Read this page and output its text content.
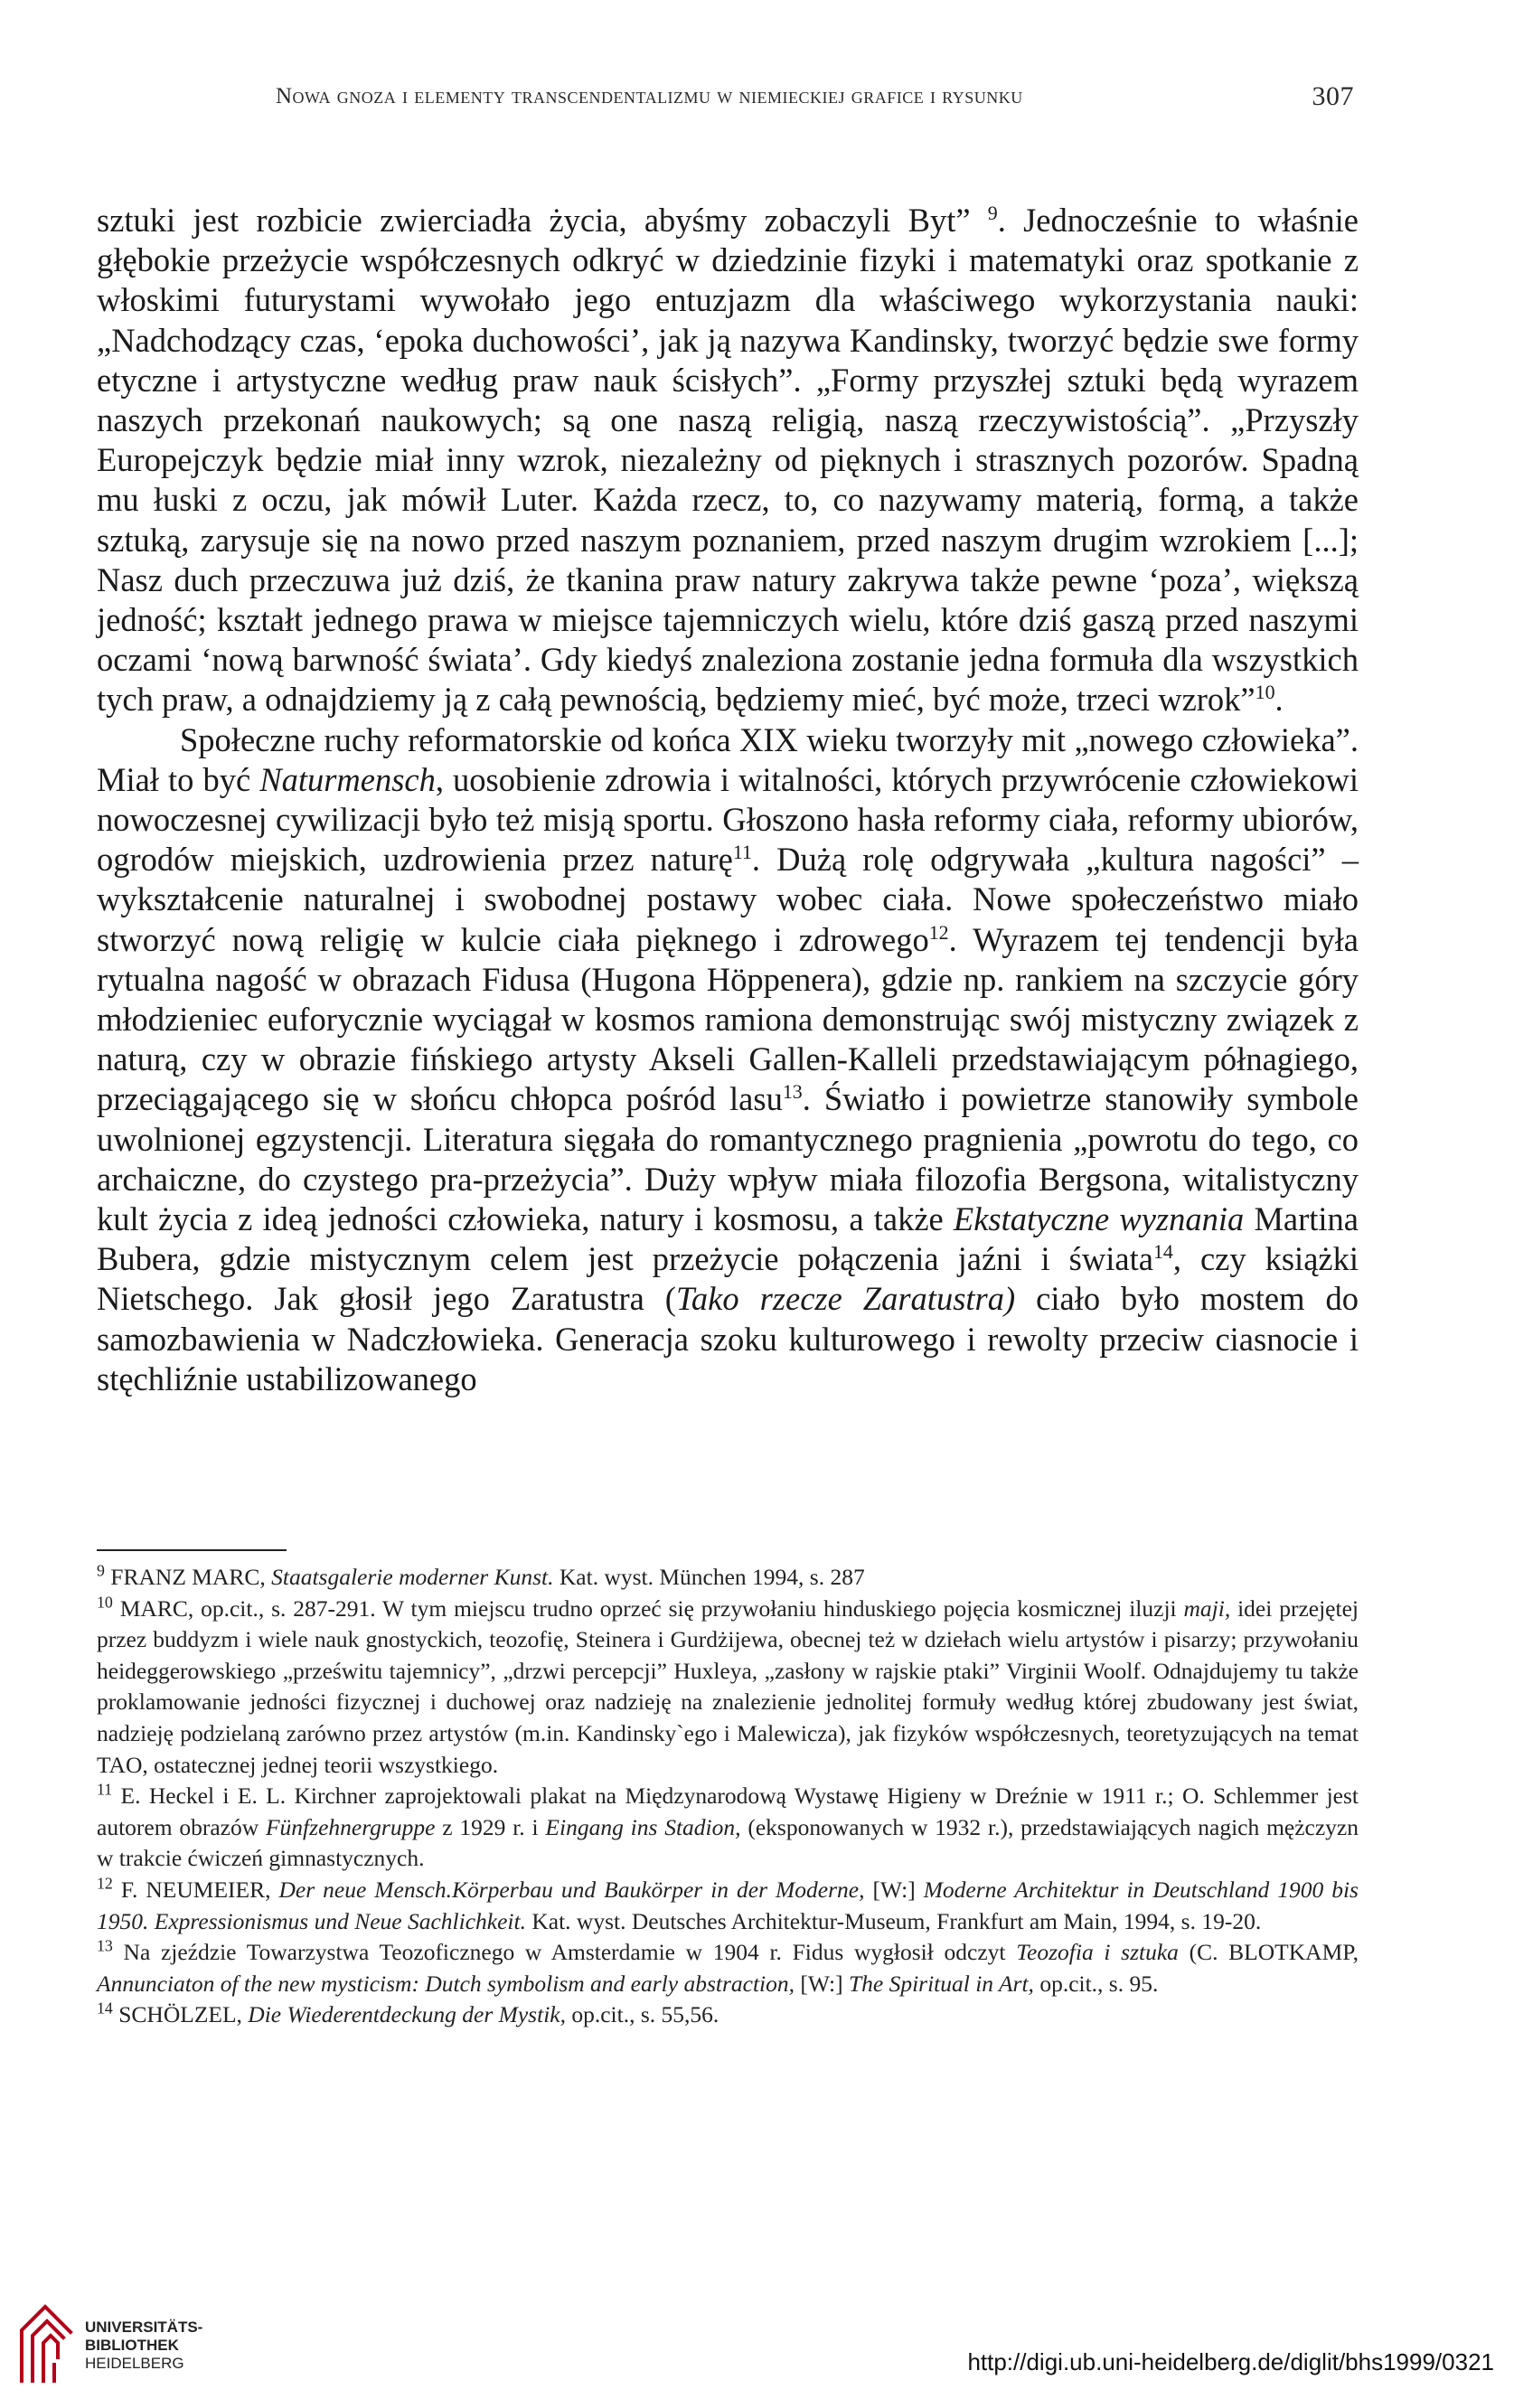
Nowa gnoza i elementy transcendentalizmu w niemieckiej grafice i rysunku	307

sztuki jest rozbicie zwierciadła życia, abyśmy zobaczyli Byt” $^9$. Jednocześnie to właśnie głębokie przeżycie współczesnych odkryć w dziedzinie fizyki i matematyki oraz spotkanie z włoskimi futurystami wywołało jego entuzjazm dla właściwego wykorzystania nauki: „Nadchodzący czas, ‘epoka duchowości’, jak ją nazywa Kandinsky, tworzyć będzie swe formy etyczne i artystyczne według praw nauk ścisłych”. „Formy przyszłej sztuki będą wyrazem naszych przekonań naukowych; są one naszą religią, naszą rzeczywistością”. „Przyszły Europejczyk będzie miał inny wzrok, niezależny od pięknych i strasznych pozorów. Spadną mu łuski z oczu, jak mówił Luter. Każda rzecz, to, co nazywamy materią, formą, a także sztuką, zarysuje się na nowo przed naszym poznaniem, przed naszym drugim wzrokiem [...]; Nasz duch przeczuwa już dziś, że tkanina praw natury zakrywa także pewne ‘poza’, większą jedność; kształt jednego prawa w miejsce tajemniczych wielu, które dziś gaszą przed naszymi oczami ‘nową barwność świata’. Gdy kiedyś znaleziona zostanie jedna formuła dla wszystkich tych praw, a odnajdziemy ją z całą pewnością, będziemy mieć, być może, trzeci wzrok”$^{10}$.

Społeczne ruchy reformatorskie od końca XIX wieku tworzyły mit „nowego człowieka”. Miał to być Naturmensch, uosobienie zdrowia i witalności, których przywrócenie człowiekowi nowoczesnej cywilizacji było też misją sportu. Głoszono hasła reformy ciała, reformy ubiorów, ogrodów miejskich, uzdrowienia przez naturę$^{11}$. Dużą rolę odgrywała „kultura nagości” – wykształcenie naturalnej i swobodnej postawy wobec ciała. Nowe społeczeństwo miało stworzyć nową religię w kulcie ciała pięknego i zdrowego$^{12}$. Wyrazem tej tendencji była rytualna nagość w obrazach Fidusa (Hugona Höppenera), gdzie np. rankiem na szczycie góry młodzieniec euforycznie wyciągał w kosmos ramiona demonstrując swój mistyczny związek z naturą, czy w obrazie fińskiego artysty Akseli Gallen-Kalleli przedstawiającym półnagiego, przeciągającego się w słońcu chłopca pośród lasu$^{13}$. Światło i powietrze stanowiły symbole uwolnionej egzystencji. Literatura sięgała do romantycznego pragnienia „powrotu do tego, co archaiczne, do czystego pra-przeżycia”. Duży wpływ miała filozofia Bergsona, witalistyczny kult życia z ideą jedności człowieka, natury i kosmosu, a także Ekstatyczne wyznania Martina Bubera, gdzie mistycznym celem jest przeżycie połączenia jaźni i świata$^{14}$, czy książki Nietschego. Jak głosił jego Zaratustra (Tako rzecze Zaratustra) ciało było mostem do samozbawienia w Nadczłowieka. Generacja szoku kulturowego i rewolty przeciw ciasnocie i stęchliźnie ustabilizowanego

$^9$ FRANZ MARC, Staatsgalerie moderner Kunst. Kat. wyst. München 1994, s. 287

$^{10}$ MARC, op.cit., s. 287-291. W tym miejscu trudno oprzeć się przywołaniu hinduskiego pojęcia kosmicznej iluzji maji, idei przejętej przez buddyzm i wiele nauk gnostyckich, teozofię, Steinera i Gurdżijewa, obecnej też w dziełach wielu artystów i pisarzy; przywołaniu heideggerowskiego „prześwitu tajemnicy”, „drzwi percepcji” Huxleya, „zasłony w rajskie ptaki” Virginii Woolf. Odnajdujemy tu także proklamowanie jedności fizycznej i duchowej oraz nadzieję na znalezienie jednolitej formuły według której zbudowany jest świat, nadzieję podzielaną zarówno przez artystów (m.in. Kandinsky`ego i Malewicza), jak fizyków współczesnych, teoretyzujących na temat TAO, ostatecznej jednej teorii wszystkiego.

$^{11}$ E. Heckel i E. L. Kirchner zaprojektowali plakat na Międzynarodową Wystawę Higieny w Dreźnie w 1911 r.; O. Schlemmer jest autorem obrazów Fünfzehnergruppe z 1929 r. i Eingang ins Stadion, (eksponowanych w 1932 r.), przedstawiających nagich mężczyzn w trakcie ćwiczeń gimnastycznych.

$^{12}$ F. NEUMEIER, Der neue Mensch.Körperbau und Baukörper in der Moderne, [W:] Moderne Architektur in Deutschland 1900 bis 1950. Expressionismus und Neue Sachlichkeit. Kat. wyst. Deutsches Architektur-Museum, Frankfurt am Main, 1994, s. 19-20.

$^{13}$ Na zjeździe Towarzystwa Teozoficznego w Amsterdamie w 1904 r. Fidus wygłosił odczyt Teozofia i sztuka (C. BLOTKAMP, Annunciaton of the new mysticism: Dutch symbolism and early abstraction, [W:] The Spiritual in Art, op.cit., s. 95.

$^{14}$ SCHÖLZEL, Die Wiederentdeckung der Mystik, op.cit., s. 55,56.

UNIVERSITÄTS-
BIBLIOTHEK
HEIDELBERG	http://digi.ub.uni-heidelberg.de/diglit/bhs1999/0321
